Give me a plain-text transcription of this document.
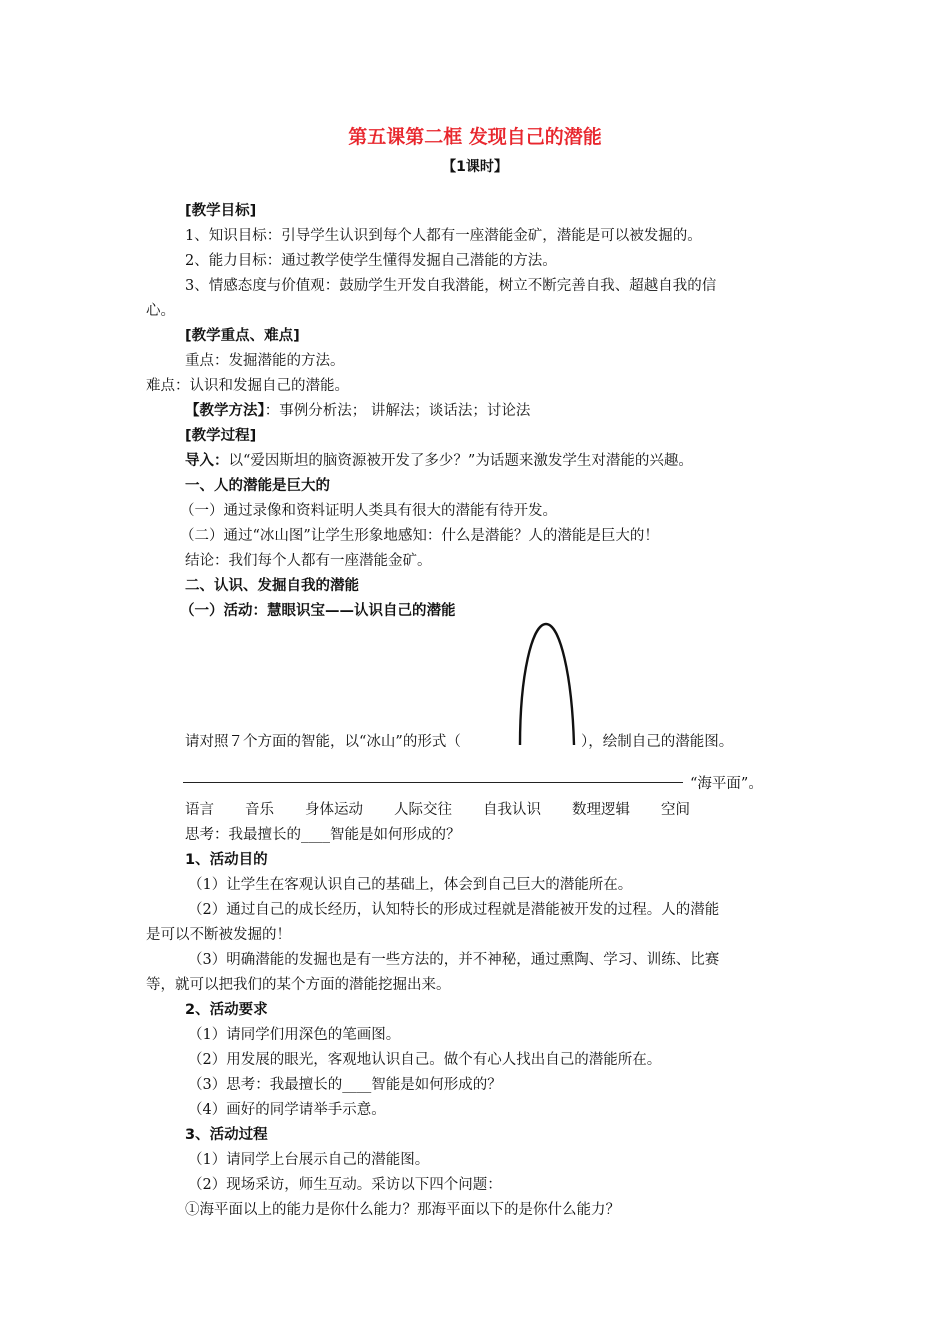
第五课第二框 发现自己的潜能
【1课时】
[教学目标]
1、知识目标：引导学生认识到每个人都有一座潜能金矿，潜能是可以被发掘的。
2、能力目标：通过教学使学生懂得发掘自己潜能的方法。
3、情感态度与价值观：鼓励学生开发自我潜能，树立不断完善自我、超越自我的信
心。
[教学重点、难点]
重点：发掘潜能的方法。
难点：认识和发掘自己的潜能。
【教学方法】：事例分析法； 讲解法；谈话法；讨论法
[教学过程]
导入：以“爱因斯坦的脑资源被开发了多少？”为话题来激发学生对潜能的兴趣。
一、人的潜能是巨大的
（一）通过录像和资料证明人类具有很大的潜能有待开发。
（二）通过“冰山图”让学生形象地感知：什么是潜能？人的潜能是巨大的！
结论：我们每个人都有一座潜能金矿。
二、认识、发掘自我的潜能
（一）活动：慧眼识宝——认识自己的潜能
请对照７个方面的智能，以“冰山”的形式（	），绘制自己的潜能图。
“海平面”。
语言 音乐 身体运动 人际交往 自我认识 数理逻辑 空间
思考：我最擅长的____智能是如何形成的？
1、活动目的
（1）让学生在客观认识自己的基础上，体会到自己巨大的潜能所在。
（2）通过自己的成长经历，认知特长的形成过程就是潜能被开发的过程。人的潜能
是可以不断被发掘的！
（3）明确潜能的发掘也是有一些方法的，并不神秘，通过熏陶、学习、训练、比赛
等，就可以把我们的某个方面的潜能挖掘出来。
2、活动要求
（1）请同学们用深色的笔画图。
（2）用发展的眼光，客观地认识自己。做个有心人找出自己的潜能所在。
（3）思考：我最擅长的____智能是如何形成的？
（4）画好的同学请举手示意。
3、活动过程
（1）请同学上台展示自己的潜能图。
（2）现场采访，师生互动。采访以下四个问题：
①海平面以上的能力是你什么能力？那海平面以下的是你什么能力？
